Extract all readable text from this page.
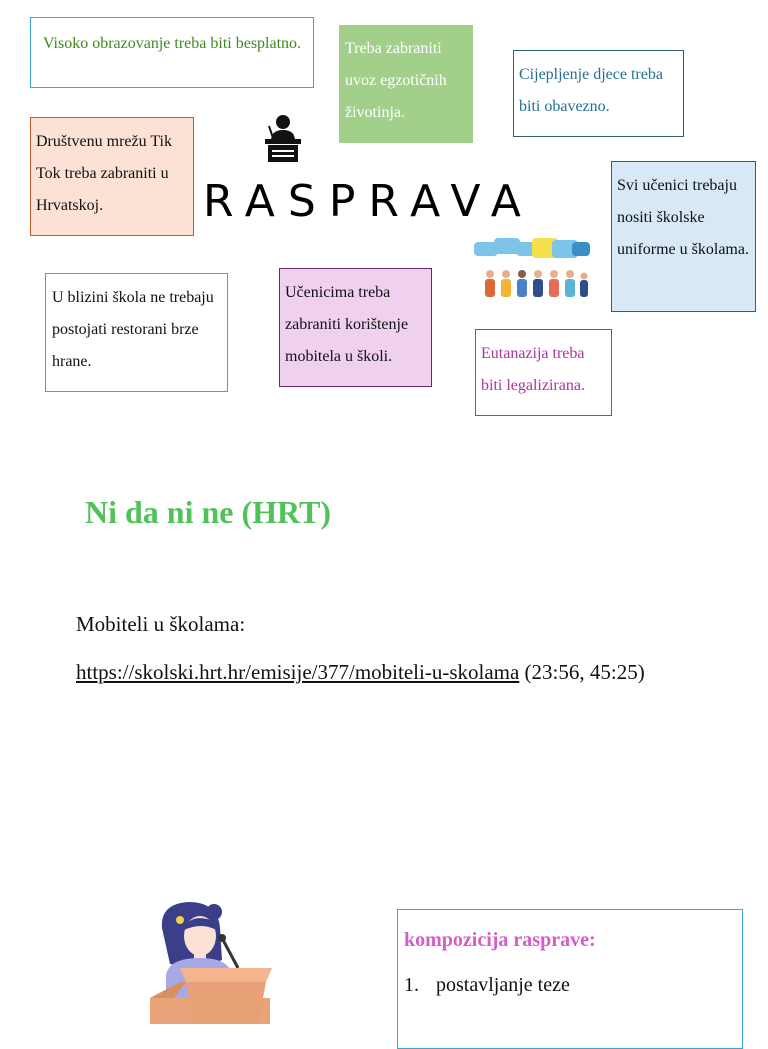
Visoko obrazovanje treba biti besplatno.	Treba zabraniti uvoz egzotičnih životinja.

Cijepljenje djece treba biti obavezno.

Društvenu mrežu Tik Tok treba zabraniti u Hrvatskoj.

Svi učenici trebaju nositi školske uniforme u školama.

U blizini škola ne trebaju postojati restorani brze hrane.

Učenicima treba zabraniti korištenje mobitela u školi.	Eutanazija treba biti legalizirana.

RASPRAVA
Ni da ni ne (HRT)
Mobiteli u školama:
https://skolski.hrt.hr/emisije/377/mobiteli-u-skolama (23:56, 45:25)

kompozicija rasprave:

1. postavljanje teze
